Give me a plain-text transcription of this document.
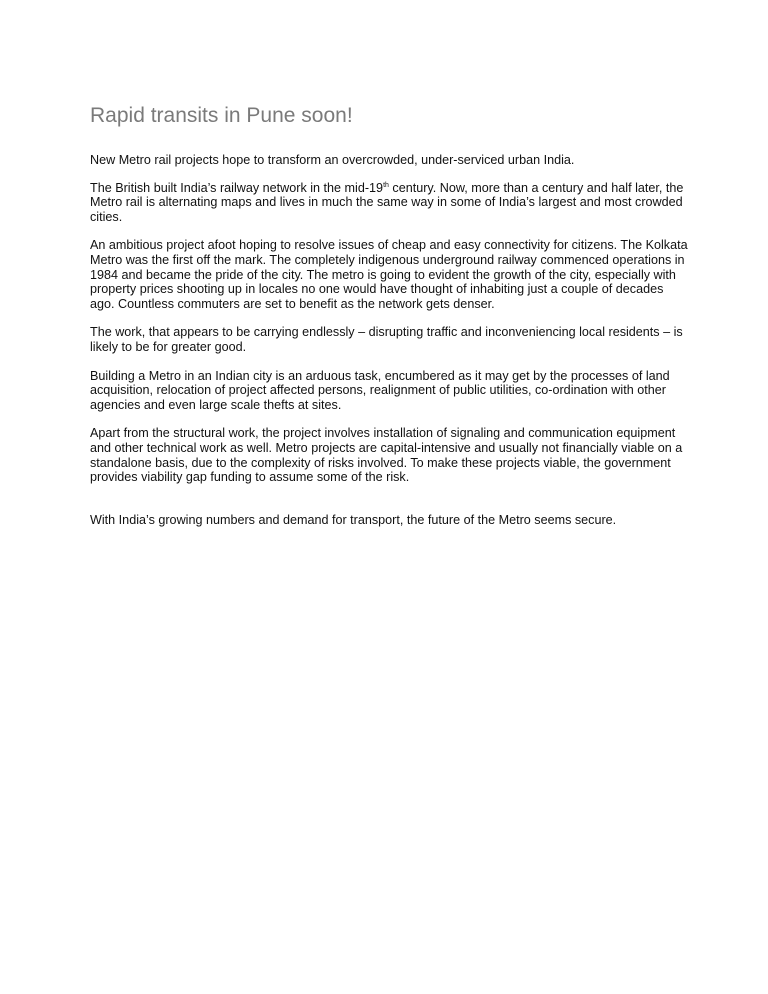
Rapid transits in Pune soon!

New Metro rail projects hope to transform an overcrowded, under-serviced urban India.

The British built India’s railway network in the mid-19th century. Now, more than a century and half later, the Metro rail is alternating maps and lives in much the same way in some of India’s largest and most crowded cities.

An ambitious project afoot hoping to resolve issues of cheap and easy connectivity for citizens. The Kolkata Metro was the first off the mark. The completely indigenous underground railway commenced operations in 1984 and became the pride of the city. The metro is going to evident the growth of the city, especially with property prices shooting up in locales no one would have thought of inhabiting just a couple of decades ago. Countless commuters are set to benefit as the network gets denser.

The work, that appears to be carrying endlessly – disrupting traffic and inconveniencing local residents – is likely to be for greater good.

Building a Metro in an Indian city is an arduous task, encumbered as it may get by the processes of land acquisition, relocation of project affected persons, realignment of public utilities, co-ordination with other agencies and even large scale thefts at sites.

Apart from the structural work, the project involves installation of signaling and communication equipment and other technical work as well. Metro projects are capital-intensive and usually not financially viable on a standalone basis, due to the complexity of risks involved. To make these projects viable, the government provides viability gap funding to assume some of the risk.

With India’s growing numbers and demand for transport, the future of the Metro seems secure.
